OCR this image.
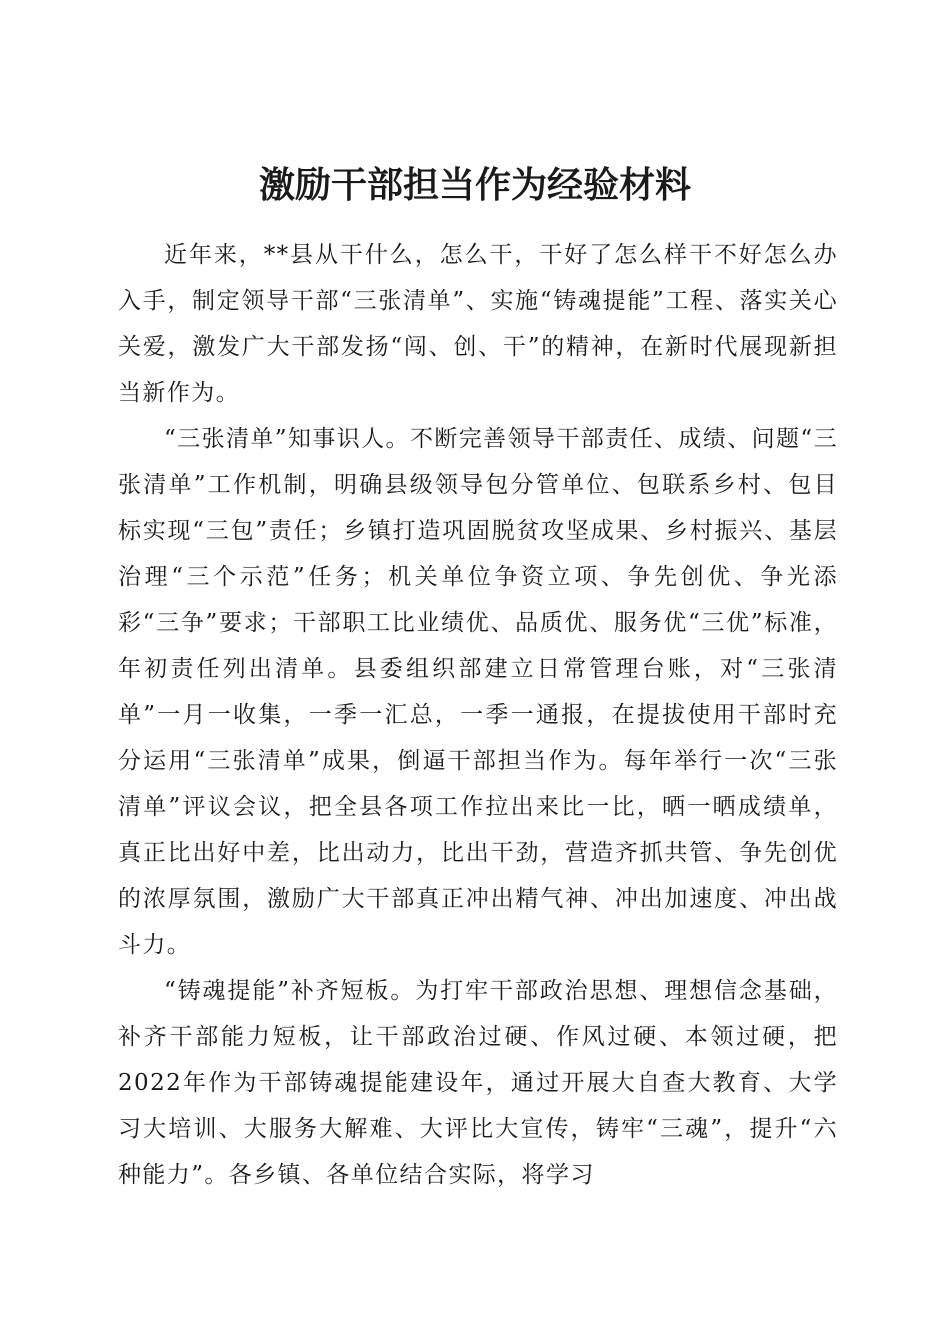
激励干部担当作为经验材料

近年来，**县从干什么，怎么干，干好了怎么样干不好怎么办入手，制定领导干部“三张清单”、实施“铸魂提能”工程、落实关心关爱，激发广大干部发扬“闯、创、干”的精神，在新时代展现新担当新作为。

“三张清单”知事识人。不断完善领导干部责任、成绩、问题“三张清单”工作机制，明确县级领导包分管单位、包联系乡村、包目标实现“三包”责任；乡镇打造巩固脱贫攻坚成果、乡村振兴、基层治理“三个示范”任务；机关单位争资立项、争先创优、争光添彩“三争”要求；干部职工比业绩优、品质优、服务优“三优”标准，年初责任列出清单。县委组织部建立日常管理台账，对“三张清单”一月一收集，一季一汇总，一季一通报，在提拔使用干部时充分运用“三张清单”成果，倒逼干部担当作为。每年举行一次“三张清单”评议会议，把全县各项工作拉出来比一比，晒一晒成绩单，真正比出好中差，比出动力，比出干劲，营造齐抓共管、争先创优的浓厚氛围，激励广大干部真正冲出精气神、冲出加速度、冲出战斗力。

“铸魂提能”补齐短板。为打牢干部政治思想、理想信念基础，补齐干部能力短板，让干部政治过硬、作风过硬、本领过硬，把2022年作为干部铸魂提能建设年，通过开展大自查大教育、大学习大培训、大服务大解难、大评比大宣传，铸牢“三魂”，提升“六种能力”。各乡镇、各单位结合实际，将学习
